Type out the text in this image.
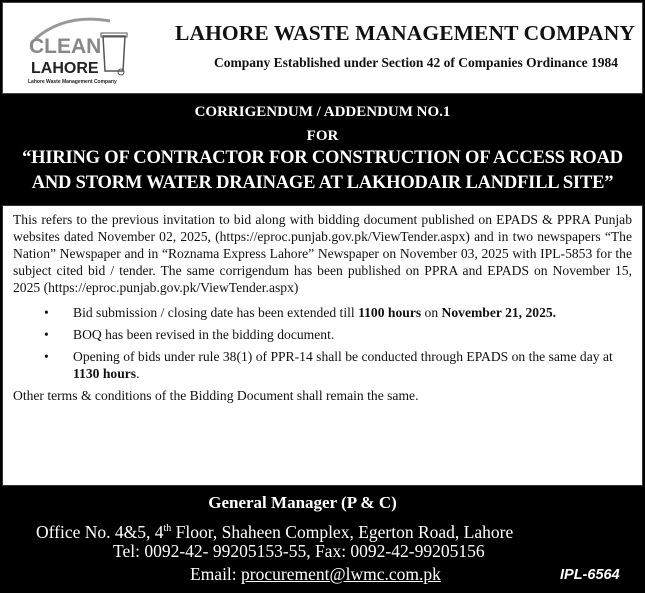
CLEAN
LAHORE
Lahore Waste Management Company
LAHORE WASTE MANAGEMENT COMPANY
Company Established under Section 42 of Companies Ordinance 1984
CORRIGENDUM / ADDENDUM NO.1
FOR
“HIRING OF CONTRACTOR FOR CONSTRUCTION OF ACCESS ROAD AND STORM WATER DRAINAGE AT LAKHODAIR LANDFILL SITE”

This refers to the previous invitation to bid along with bidding document published on EPADS & PPRA Punjab websites dated November 02, 2025, (https://eproc.punjab.gov.pk/ViewTender.aspx) and in two newspapers “The Nation” Newspaper and in “Roznama Express Lahore” Newspaper on November 03, 2025 with IPL-5853 for the subject cited bid / tender. The same corrigendum has been published on PPRA and EPADS on November 15, 2025 (https://eproc.punjab.gov.pk/ViewTender.aspx)

• Bid submission / closing date has been extended till 1100 hours on November 21, 2025.
• BOQ has been revised in the bidding document.
• Opening of bids under rule 38(1) of PPR-14 shall be conducted through EPADS on the same day at 1130 hours.

Other terms & conditions of the Bidding Document shall remain the same.

General Manager (P & C)
Office No. 4&5, 4th Floor, Shaheen Complex, Egerton Road, Lahore
Tel: 0092-42- 99205153-55, Fax: 0092-42-99205156
Email: procurement@lwmc.com.pk	IPL-6564
